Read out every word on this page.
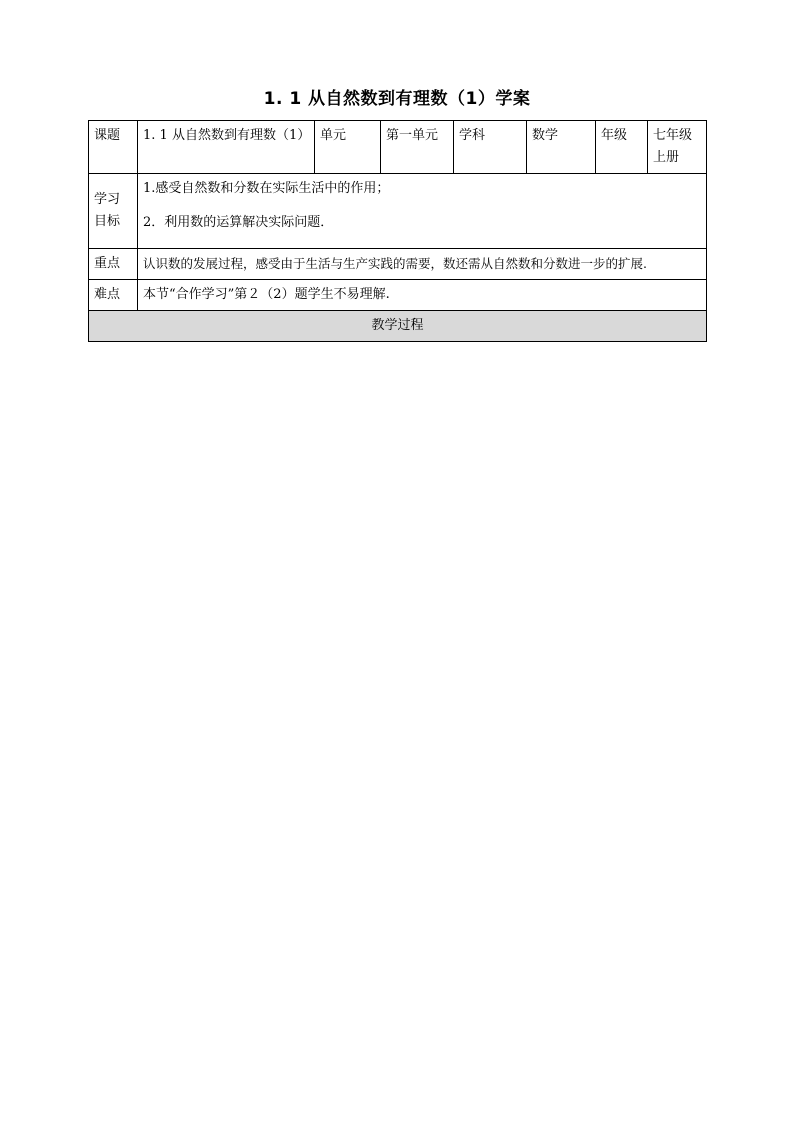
1. 1 从自然数到有理数（1）学案
课题	1. 1 从自然数到有理数（1）	单元	第一单元	学科	数学	年级	七年级上册
学习目标	1.感受自然数和分数在实际生活中的作用；
2．利用数的运算解决实际问题．						

重点	认识数的发展过程，感受由于生活与生产实践的需要，数还需从自然数和分数进一步的扩展.						
难点	本节“合作学习”第２（2）题学生不易理解.						
教学过程							
